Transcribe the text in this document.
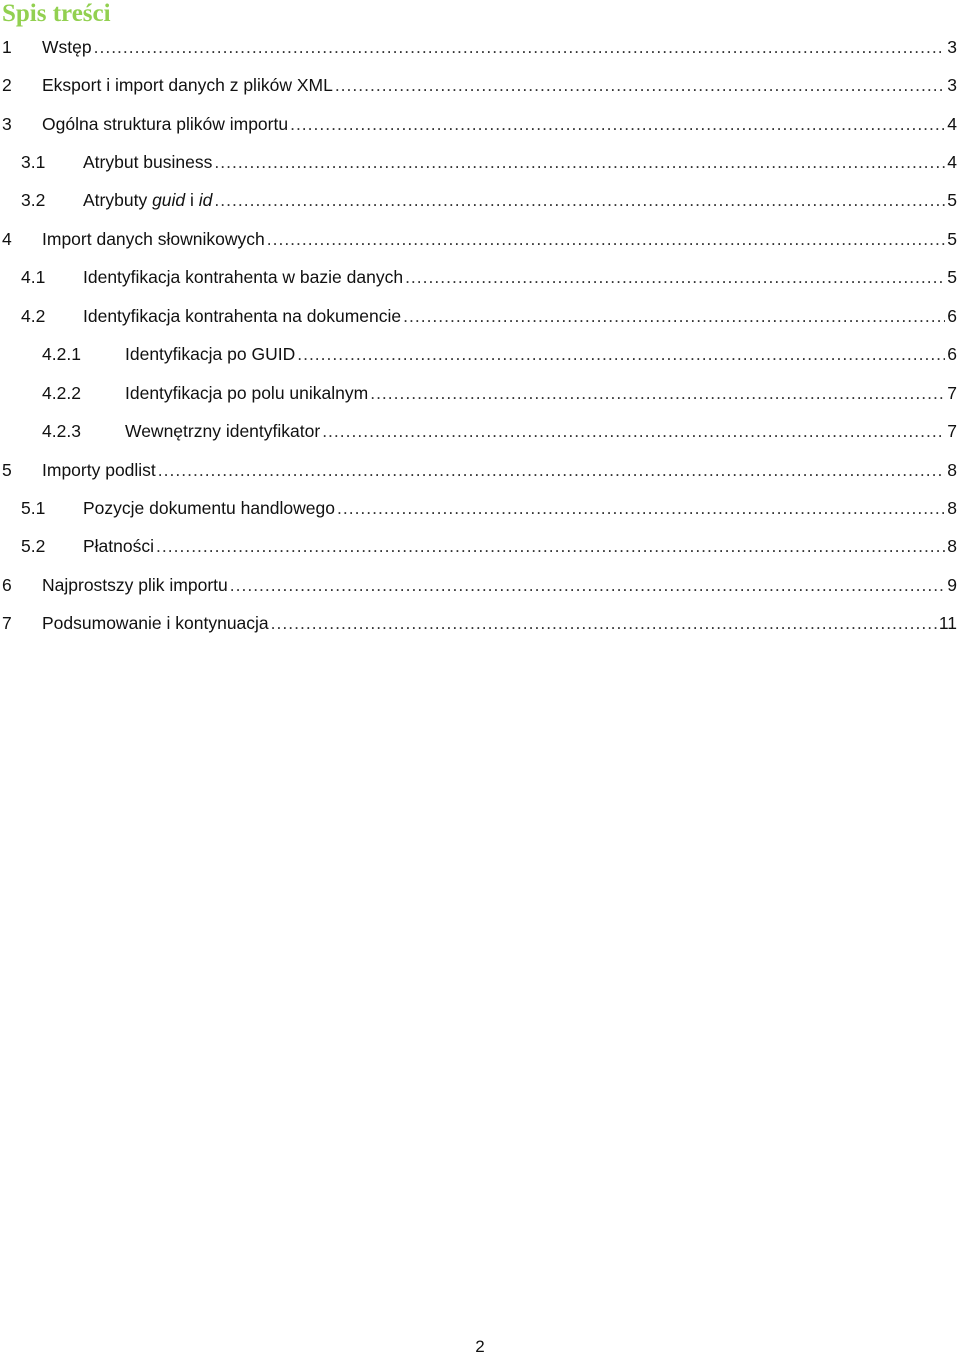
Spis treści
1	Wstęp .....	3
2	Eksport i import danych z plików XML .....	3
3	Ogólna struktura plików importu .....	4
3.1	Atrybut business .....	4
3.2	Atrybuty guid i id .....	5
4	Import danych słownikowych .....	5
4.1	Identyfikacja kontrahenta w bazie danych .....	5
4.2	Identyfikacja kontrahenta na dokumencie .....	6
4.2.1	Identyfikacja po GUID .....	6
4.2.2	Identyfikacja po polu unikalnym .....	7
4.2.3	Wewnętrzny identyfikator .....	7
5	Importy podlist .....	8
5.1	Pozycje dokumentu handlowego .....	8
5.2	Płatności .....	8
6	Najprostszy plik importu .....	9
7	Podsumowanie i kontynuacja .....	11
2
